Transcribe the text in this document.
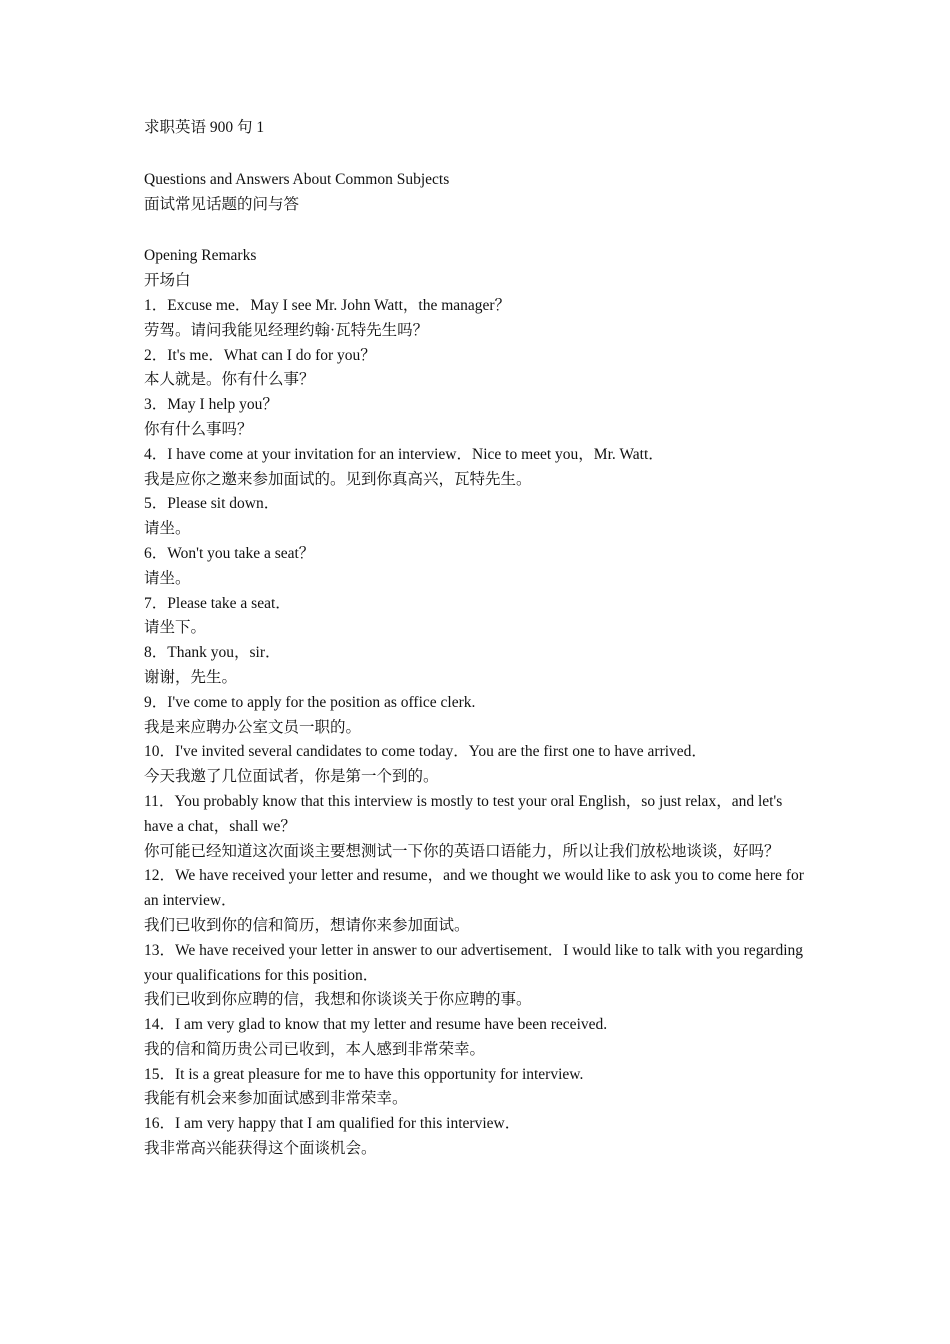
求职英语 900 句 1
Questions and Answers About Common Subjects
面试常见话题的问与答
Opening Remarks
开场白
1．Excuse me．May I see Mr. John Watt，the manager？
劳驾。请问我能见经理约翰·瓦特先生吗？
2．It's me．What can I do for you？
本人就是。你有什么事？
3．May I help you？
你有什么事吗？
4．I have come at your invitation for an interview．Nice to meet you，Mr. Watt．
我是应你之邀来参加面试的。见到你真高兴，瓦特先生。
5．Please sit down．
请坐。
6．Won't you take a seat？
请坐。
7．Please take a seat．
请坐下。
8．Thank you，sir．
谢谢，先生。
9．I've come to apply for the position as office clerk.
我是来应聘办公室文员一职的。
10．I've invited several candidates to come today．You are the first one to have arrived．
今天我邀了几位面试者，你是第一个到的。
11．You probably know that this interview is mostly to test your oral English，so just relax，and let's have a chat，shall we？
你可能已经知道这次面谈主要想测试一下你的英语口语能力，所以让我们放松地谈谈，好吗？
12．We have received your letter and resume，and we thought we would like to ask you to come here for an interview．
我们已收到你的信和简历，想请你来参加面试。
13．We have received your letter in answer to our advertisement．I would like to talk with you regarding your qualifications for this position．
我们已收到你应聘的信，我想和你谈谈关于你应聘的事。
14．I am very glad to know that my letter and resume have been received.
我的信和简历贵公司已收到，本人感到非常荣幸。
15．It is a great pleasure for me to have this opportunity for interview.
我能有机会来参加面试感到非常荣幸。
16．I am very happy that I am qualified for this interview．
我非常高兴能获得这个面谈机会。
